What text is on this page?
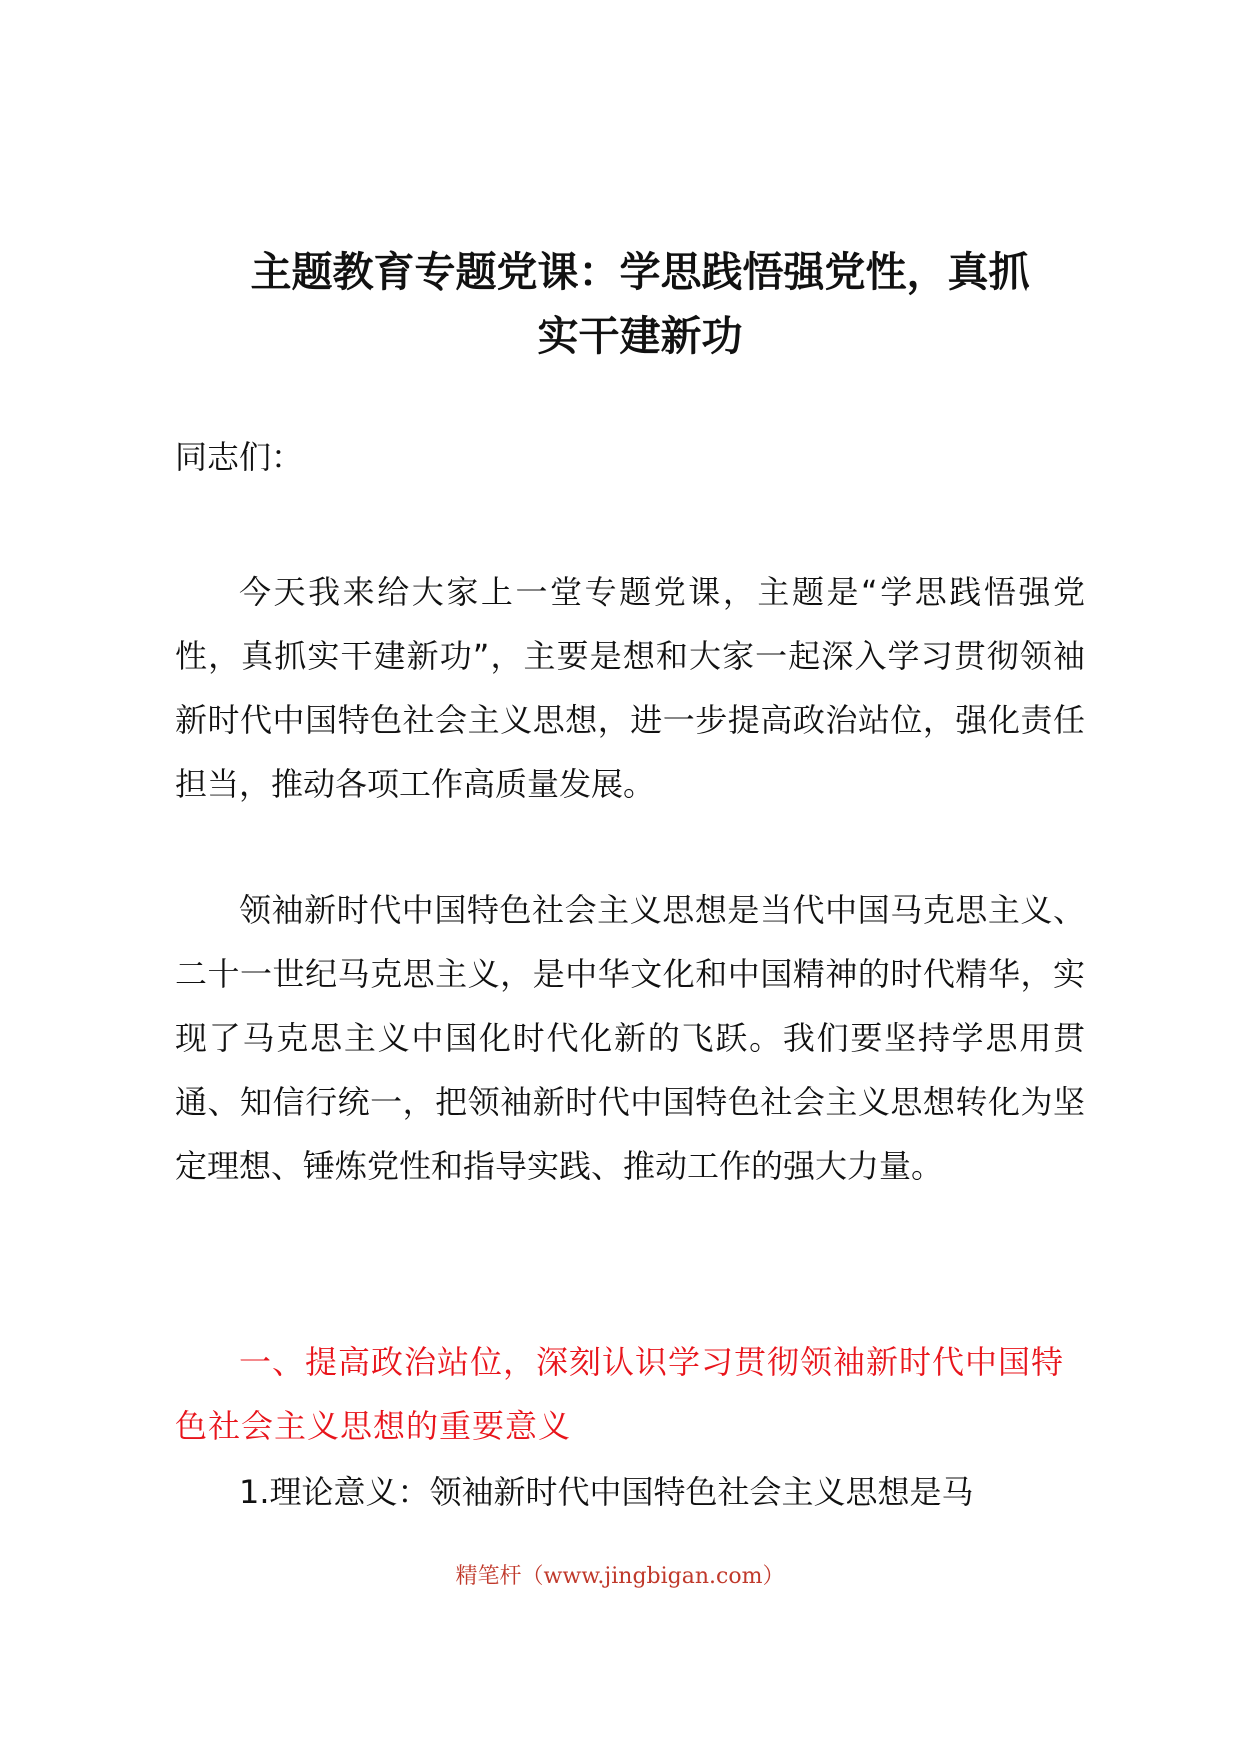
主题教育专题党课：学思践悟强党性，真抓
实干建新功

同志们：

今天我来给大家上一堂专题党课，主题是“学思践悟强党性，真抓实干建新功”，主要是想和大家一起深入学习贯彻领袖新时代中国特色社会主义思想，进一步提高政治站位，强化责任担当，推动各项工作高质量发展。

领袖新时代中国特色社会主义思想是当代中国马克思主义、二十一世纪马克思主义，是中华文化和中国精神的时代精华，实现了马克思主义中国化时代化新的飞跃。我们要坚持学思用贯通、知信行统一，把领袖新时代中国特色社会主义思想转化为坚定理想、锤炼党性和指导实践、推动工作的强大力量。

一、提高政治站位，深刻认识学习贯彻领袖新时代中国特色社会主义思想的重要意义

1.理论意义：领袖新时代中国特色社会主义思想是马

精笔杆（www.jingbigan.com）
